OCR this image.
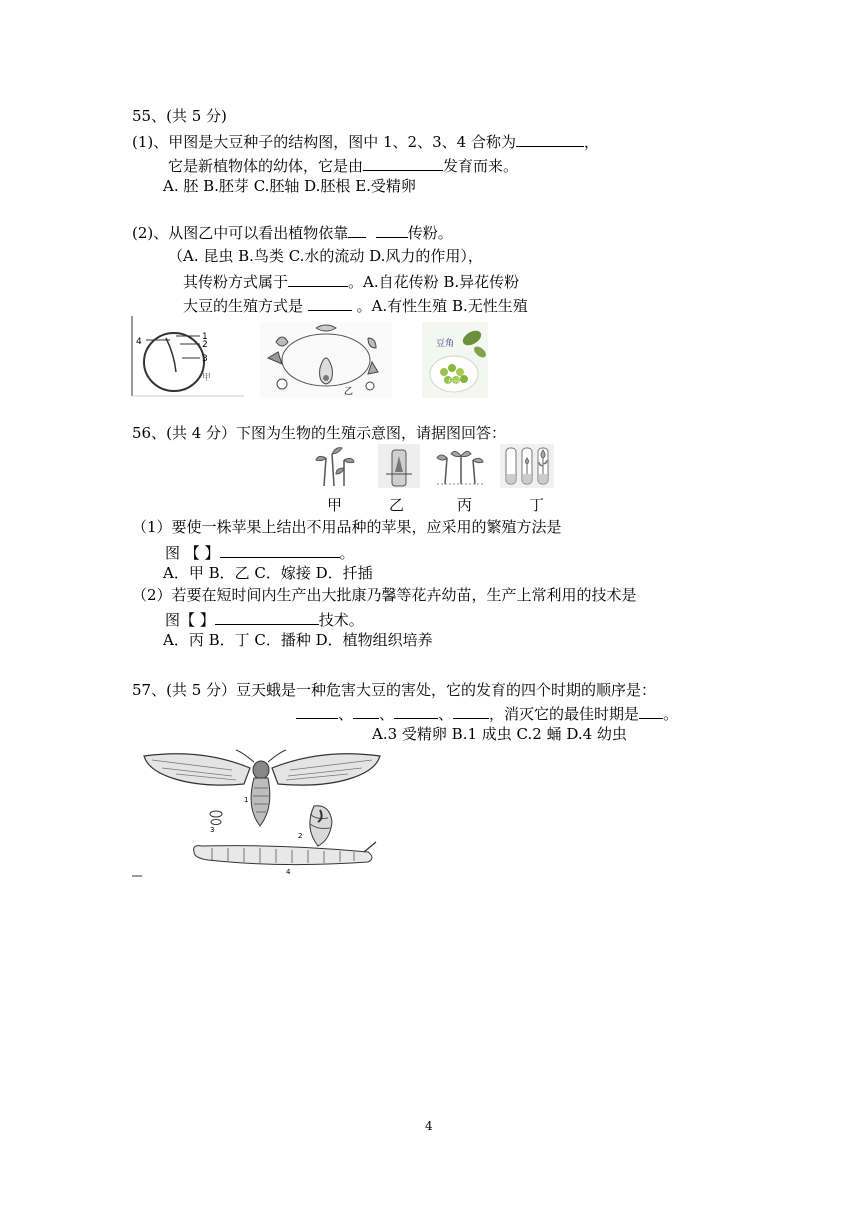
55、(共 5 分)
(1)、甲图是大豆种子的结构图，图中 1、2、3、4 合称为	，
它是新植物体的幼体，它是由	发育而来。
A. 胚 B.胚芽 C.胚轴 D.胚根 E.受精卵
(2)、从图乙中可以看出植物依靠	传粉。
（A. 昆虫 B.鸟类 C.水的流动 D.风力的作用），
其传粉方式属于	。A.自花传粉 B.异花传粉
大豆的生殖方式是	。A.有性生殖 B.无性生殖
4	1
2
3
甲
乙
豆角
大豆
56、(共 4 分）下图为生物的生殖示意图，请据图回答：
甲	乙	丙	丁
（1）要使一株苹果上结出不用品种的苹果，应采用的繁殖方法是
图 【 】	。
A．甲 B．乙 C．嫁接 D．扦插
（2）若要在短时间内生产出大批康乃馨等花卉幼苗，生产上常利用的技术是
图【 】	技术。
A．丙 B．丁 C．播种 D．植物组织培养
57、(共 5 分）豆天蛾是一种危害大豆的害处，它的发育的四个时期的顺序是：
、 、	、 ，消灭它的最佳时期是 。
A.3 受精卵 B.1 成虫 C.2 蛹 D.4 幼虫
1
3
2
4
4
